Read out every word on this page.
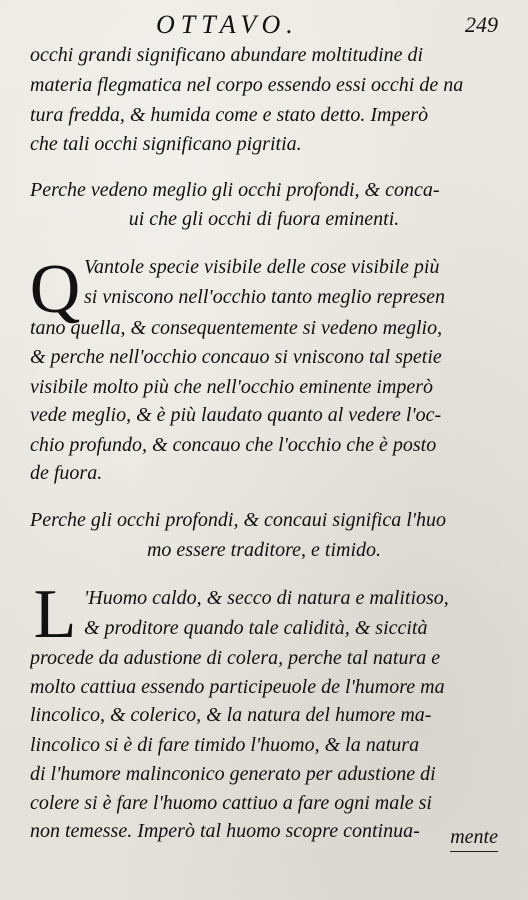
OTTAVO.	249
occhi grandi significano abundare moltitudine di
materia flegmatica nel corpo essendo essi occhi de na
tura fredda, & humida come e stato detto. Imperò
che tali occhi significano pigritia.
Perche vedeno meglio gli occhi profondi, & conca-
ui che gli occhi di fuora eminenti.
Q Vantole specie visibile delle cose visibile più
si vniscono nell'occhio tanto meglio represen
tano quella, & consequentemente si vedeno meglio,
& perche nell'occhio concauo si vniscono tal spetie
visibile molto più che nell'occhio eminente imperò
vede meglio, & è più laudato quanto al vedere l'oc-
chio profundo, & concauo che l'occhio che è posto
de fuora.
Perche gli occhi profondi, & concaui significa l'huo
mo essere traditore, e timido.
L 'Huomo caldo, & secco di natura e malitioso,
& proditore quando tale calidità, & siccità
procede da adustione di colera, perche tal natura e
molto cattiua essendo participeuole de l'humore ma
lincolico, & colerico, & la natura del humore ma-
lincolico si è di fare timido l'huomo, & la natura
di l'humore malinconico generato per adustione di
colere si è fare l'huomo cattiuo a fare ogni male si
non temesse. Imperò tal huomo scopre continua-	mente
